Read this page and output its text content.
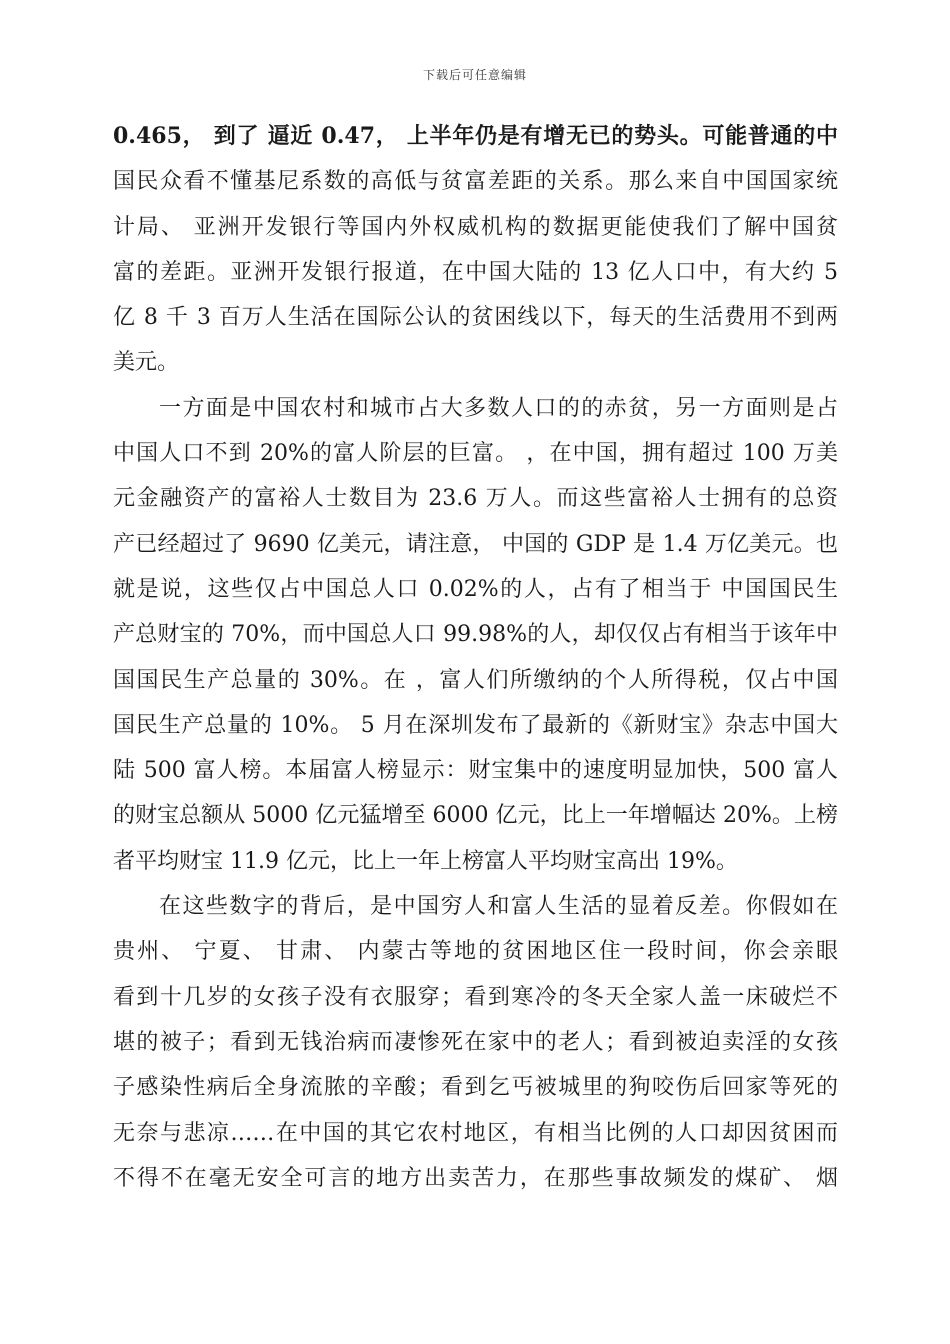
下载后可任意编辑
0.465， 到了 逼近 0.47， 上半年仍是有增无已的势头。可能普通的中
国民众看不懂基尼系数的高低与贫富差距的关系。那么来自中国国家统
计局、 亚洲开发银行等国内外权威机构的数据更能使我们了解中国贫
富的差距。亚洲开发银行报道，在中国大陆的 13 亿人口中，有大约 5
亿 8 千 3 百万人生活在国际公认的贫困线以下，每天的生活费用不到两
美元。
一方面是中国农村和城市占大多数人口的的赤贫，另一方面则是占
中国人口不到 20%的富人阶层的巨富。 ，在中国，拥有超过 100 万美
元金融资产的富裕人士数目为 23.6 万人。而这些富裕人士拥有的总资
产已经超过了 9690 亿美元，请注意， 中国的 GDP 是 1.4 万亿美元。也
就是说，这些仅占中国总人口 0.02%的人，占有了相当于 中国国民生
产总财宝的 70%，而中国总人口 99.98%的人，却仅仅占有相当于该年中
国国民生产总量的 30%。在 ，富人们所缴纳的个人所得税，仅占中国
国民生产总量的 10%。 5 月在深圳发布了最新的《新财宝》杂志中国大
陆 500 富人榜。本届富人榜显示：财宝集中的速度明显加快，500 富人
的财宝总额从 5000 亿元猛增至 6000 亿元，比上一年增幅达 20%。上榜
者平均财宝 11.9 亿元，比上一年上榜富人平均财宝高出 19%。
在这些数字的背后，是中国穷人和富人生活的显着反差。你假如在
贵州、 宁夏、 甘肃、 内蒙古等地的贫困地区住一段时间，你会亲眼
看到十几岁的女孩子没有衣服穿；看到寒冷的冬天全家人盖一床破烂不
堪的被子；看到无钱治病而凄惨死在家中的老人；看到被迫卖淫的女孩
子感染性病后全身流脓的辛酸；看到乞丐被城里的狗咬伤后回家等死的
无奈与悲凉……在中国的其它农村地区，有相当比例的人口却因贫困而
不得不在毫无安全可言的地方出卖苦力，在那些事故频发的煤矿、 烟
